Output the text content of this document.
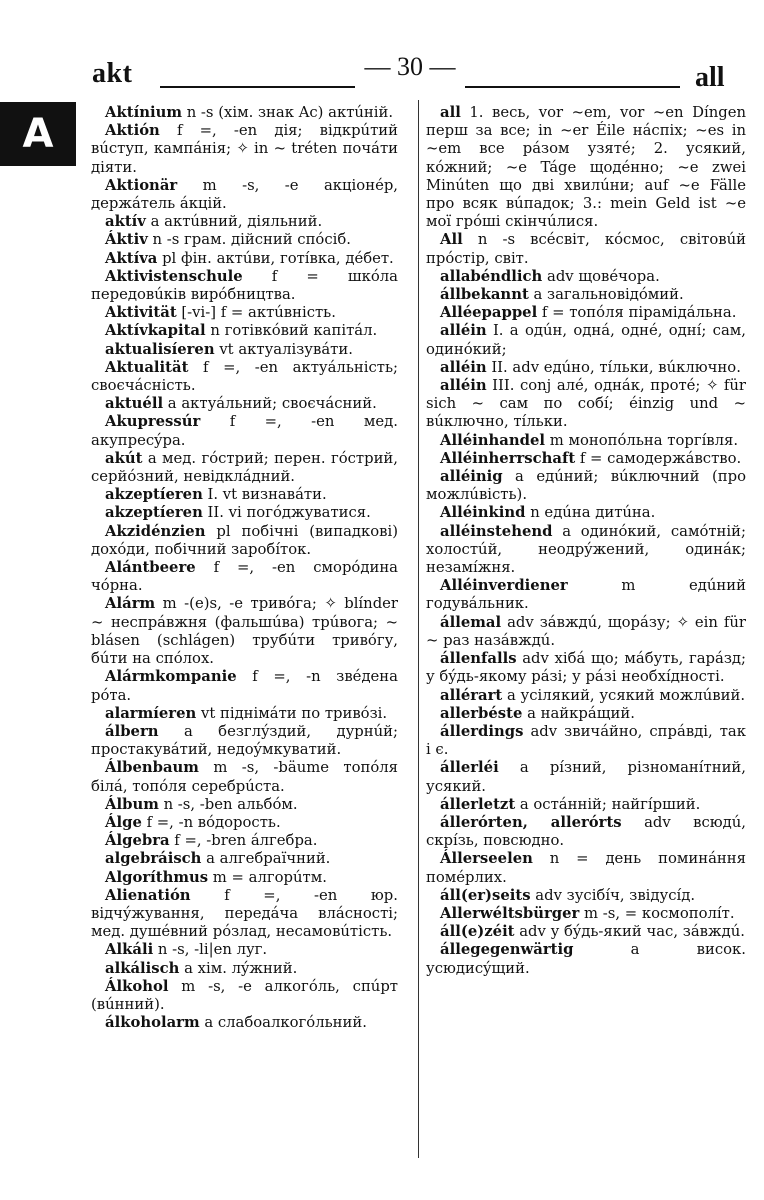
akt	— 30 —	all
A	Aktínium n -s (хім. знак Ac) актúній.

Aktión f =, -en дія; відкрúтий вúступ, кампáнія; ✧ in ~ tréten почáти діяти.

Aktionär m -s, -e акціонéр, держáтель áкцій.

aktív a актúвний, діяльний.

Áktiv n -s грам. дійсний спóсіб.

Aktíva pl фін. актúви, готíвка, дéбет.

Aktivistenschule f = шкóла передовúків вирóбництва.

Aktivität [-vi-] f = актúвність.

Aktívkapital n готівкóвий капітáл.

aktualisíeren vt актуалізувáти.

Aktualität f =, -en актуáльність; своєчáсність.

aktuéll a актуáльний; своєчáсний.

Akupressúr f =, -en мед. акупресýра.

akút a мед. гóстрий; перен. гóстрий, серйóзний, невідклáдний.

akzeptíeren I. vt визнавáти.

akzeptíeren II. vi погóджуватися.

Akzidénzien pl побічні (випадкові) дохóди, побічний заробíток.

Alántbeere f =, -en сморóдина чóрна.

Alárm m -(e)s, -e тривóга; ✧ blínder ~ неспрáвжня (фальшúва) трúвога; ~ blásen (schlágen) трубúти тривóгу, бúти на спóлох.

Alármkompanie f =, -n звéдена рóта.

alarmíeren vt піднімáти по тривóзі.

álbern a безглýздий, дурнúй; простакувáтий, недоýмкуватий.

Álbenbaum m -s, -bäume топóля білá, топóля серебрúста.

Álbum n -s, -ben альбóм.

Álge f =, -n вóдорость.

Álgebra f =, -bren áлгебра.

algebráisch a алгебраїчний.

Algoríthmus m = алгорúтм.

Alienatión f =, -en юр. відчýжування, передáча влáсності; мед. душéвний рóзлад, несамовúтість.

Alkáli n -s, -li|en луг.

alkálisch a хім. лýжний.

Álkohol m -s, -e алкогóль, спúрт (вúнний).

álkoholarm a слабоалкогóльний.

all 1. весь, vor ~em, vor ~en Díngen перш за все; in ~er Éile нáспіх; ~es in ~em все рáзом узятé; 2. усякий, кóжний; ~e Táge щодéнно; ~e zwei Minúten що дві хвилúни; auf ~e Fälle про всяк вúпадок; 3.: mein Geld ist ~e мої грóші скінчúлися.

All n -s всéсвіт, кóсмос, світовúй прóстір, світ.

allabéndlich adv щовéчора.

állbekannt a загальновідóмий.

Alléepappel f = топóля пірамідáльна.

alléin I. a одúн, однá, однé, однí; сам, одинóкий;

alléin II. adv едúно, тíльки, вúключно.

alléin III. conj алé, однáк, протé; ✧ für sich ~ сам по собí; éinzig und ~ вúключно, тíльки.

Alléinhandel m монопóльна торгíвля.

Alléinherrschaft f = самодержáвство.

alléinig a едúний; вúключний (про можлúвість).

Alléinkind n едúна дитúна.

alléinstehend a одинóкий, самóтній; холостúй, неодрýжений, одинáк; незамíжня.

Alléinverdiener m едúний годувáльник.

állemal adv зáвждú, щорáзу; ✧ ein für ~ раз назáвждú.

állenfalls adv хібá що; мáбуть, гарáзд; у бýдь-якому рáзі; у рáзі необхíдності.

allérart a усілякий, усякий можлúвий.

allerbéste a найкрáщий.

állerdings adv звичáйно, спрáвді, так і є.

állerléi a рíзний, різноманíтний, усякий.

állerletzt a остáнній; найгíрший.

állerórten, allerórts adv всюдú, скрíзь, повсюдно.

Állerseelen n = день поминáння помéрлих.

áll(er)seits adv зусібíч, звідусíд.

Allerwéltsbürger m -s, = космополíт.

áll(e)zéit adv у бýдь-який час, зáвждú.

állegegenwärtig a висок. усюдисýщий.
